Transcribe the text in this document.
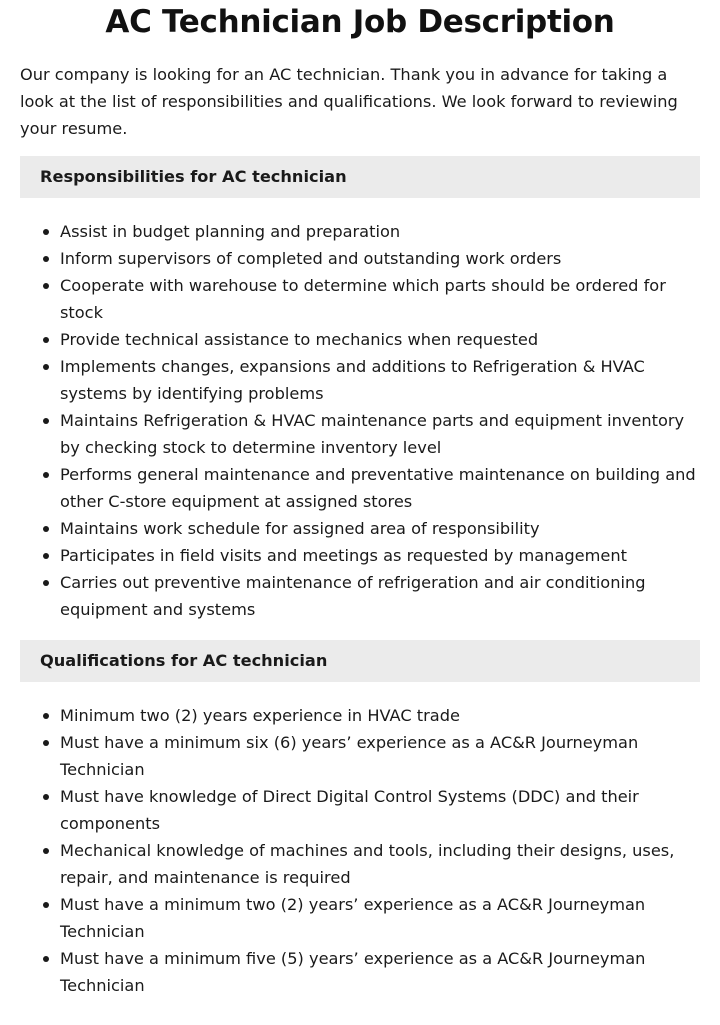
AC Technician Job Description

Our company is looking for an AC technician. Thank you in advance for taking a look at the list of responsibilities and qualifications. We look forward to reviewing your resume.

Responsibilities for AC technician
Assist in budget planning and preparation
Inform supervisors of completed and outstanding work orders
Cooperate with warehouse to determine which parts should be ordered for stock
Provide technical assistance to mechanics when requested
Implements changes, expansions and additions to Refrigeration & HVAC systems by identifying problems
Maintains Refrigeration & HVAC maintenance parts and equipment inventory by checking stock to determine inventory level
Performs general maintenance and preventative maintenance on building and other C-store equipment at assigned stores
Maintains work schedule for assigned area of responsibility
Participates in field visits and meetings as requested by management
Carries out preventive maintenance of refrigeration and air conditioning equipment and systems
Qualifications for AC technician
Minimum two (2) years experience in HVAC trade
Must have a minimum six (6) years’ experience as a AC&R Journeyman Technician
Must have knowledge of Direct Digital Control Systems (DDC) and their components
Mechanical knowledge of machines and tools, including their designs, uses, repair, and maintenance is required
Must have a minimum two (2) years’ experience as a AC&R Journeyman Technician
Must have a minimum five (5) years’ experience as a AC&R Journeyman Technician
